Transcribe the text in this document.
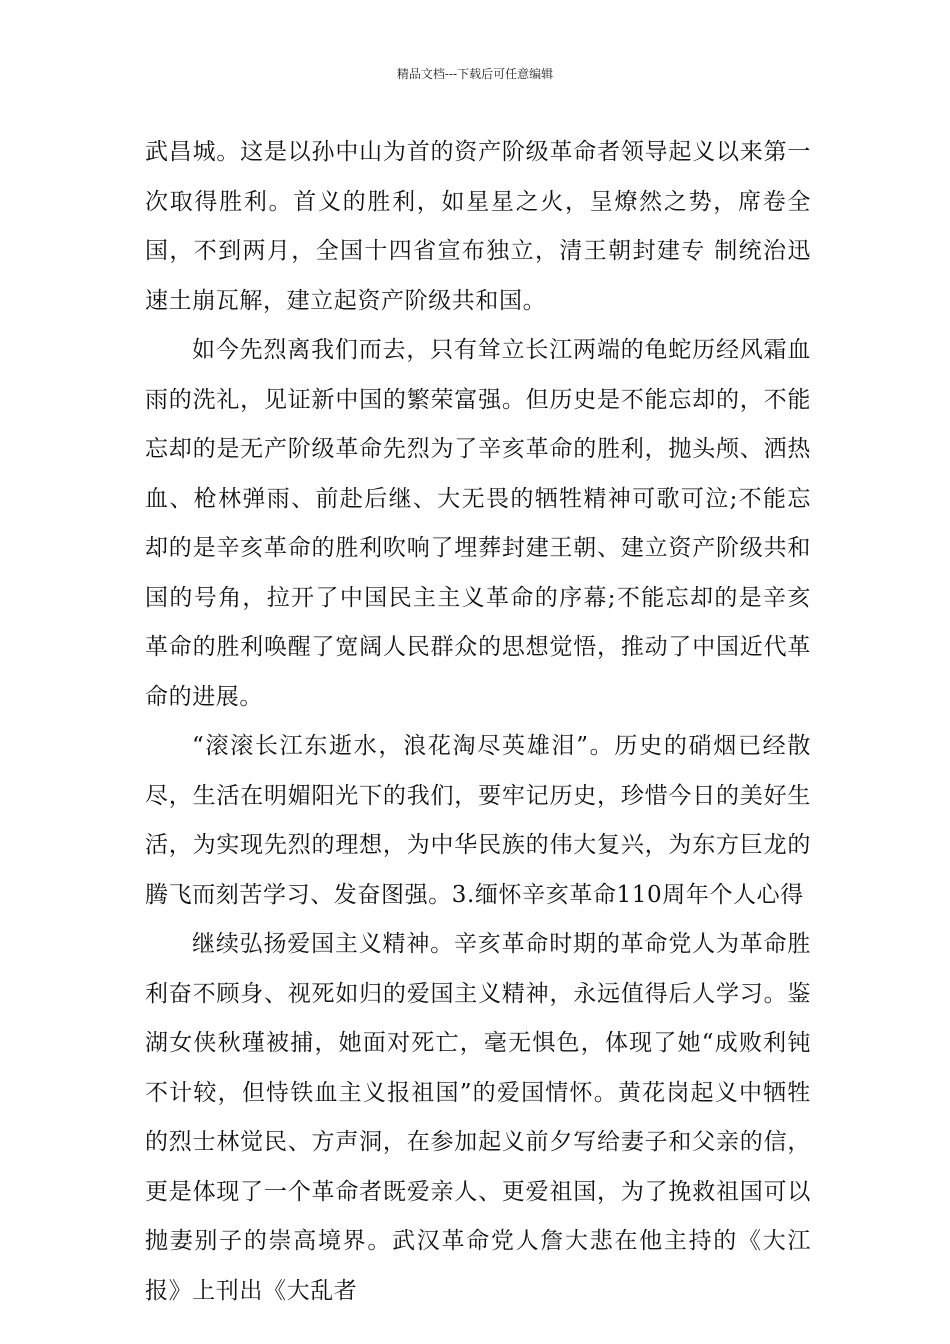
精品文档---下载后可任意编辑

武昌城。这是以孙中山为首的资产阶级革命者领导起义以来第一次取得胜利。首义的胜利，如星星之火，呈燎然之势，席卷全国，不到两月，全国十四省宣布独立，清王朝封建专 制统治迅速土崩瓦解，建立起资产阶级共和国。

如今先烈离我们而去，只有耸立长江两端的龟蛇历经风霜血雨的洗礼，见证新中国的繁荣富强。但历史是不能忘却的，不能忘却的是无产阶级革命先烈为了辛亥革命的胜利，抛头颅、洒热血、枪林弹雨、前赴后继、大无畏的牺牲精神可歌可泣;不能忘却的是辛亥革命的胜利吹响了埋葬封建王朝、建立资产阶级共和国的号角，拉开了中国民主主义革命的序幕;不能忘却的是辛亥革命的胜利唤醒了宽阔人民群众的思想觉悟，推动了中国近代革命的进展。

“滚滚长江东逝水，浪花淘尽英雄泪”。历史的硝烟已经散尽，生活在明媚阳光下的我们，要牢记历史，珍惜今日的美好生活，为实现先烈的理想，为中华民族的伟大复兴，为东方巨龙的腾飞而刻苦学习、发奋图强。3.缅怀辛亥革命110周年个人心得

继续弘扬爱国主义精神。辛亥革命时期的革命党人为革命胜利奋不顾身、视死如归的爱国主义精神，永远值得后人学习。鉴湖女侠秋瑾被捕，她面对死亡，毫无惧色，体现了她“成败利钝不计较，但恃铁血主义报祖国”的爱国情怀。黄花岗起义中牺牲的烈士林觉民、方声洞，在参加起义前夕写给妻子和父亲的信，更是体现了一个革命者既爱亲人、更爱祖国，为了挽救祖国可以抛妻别子的崇高境界。武汉革命党人詹大悲在他主持的《大江报》上刊出《大乱者
